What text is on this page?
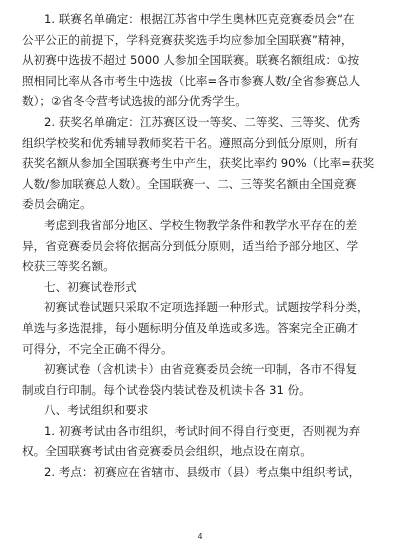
1. 联赛名单确定：根据江苏省中学生奥林匹克竞赛委员会“在
公平公正的前提下，学科竞赛获奖选手均应参加全国联赛”精神，
从初赛中选拔不超过 5000 人参加全国联赛。联赛名额组成：①按
照相同比率从各市考生中选拔（比率=各市参赛人数/全省参赛总人
数）；②省冬令营考试选拔的部分优秀学生。

2. 获奖名单确定：江苏赛区设一等奖、二等奖、三等奖、优秀
组织学校奖和优秀辅导教师奖若干名。遵照高分到低分原则，所有
获奖名额从参加全国联赛考生中产生，获奖比率约 90%（比率=获奖
人数/参加联赛总人数）。全国联赛一、二、三等奖名额由全国竞赛
委员会确定。

考虑到我省部分地区、学校生物教学条件和教学水平存在的差
异，省竞赛委员会将依据高分到低分原则，适当给予部分地区、学
校获三等奖名额。

七、初赛试卷形式

初赛试卷试题只采取不定项选择题一种形式。试题按学科分类，
单选与多选混排，每小题标明分值及单选或多选。答案完全正确才
可得分，不完全正确不得分。

初赛试卷（含机读卡）由省竞赛委员会统一印制，各市不得复
制或自行印制。每个试卷袋内装试卷及机读卡各 31 份。

八、考试组织和要求

1. 初赛考试由各市组织，考试时间不得自行变更，否则视为弃
权。全国联赛考试由省竞赛委员会组织，地点设在南京。

2. 考点：初赛应在省辖市、县级市（县）考点集中组织考试，

4
